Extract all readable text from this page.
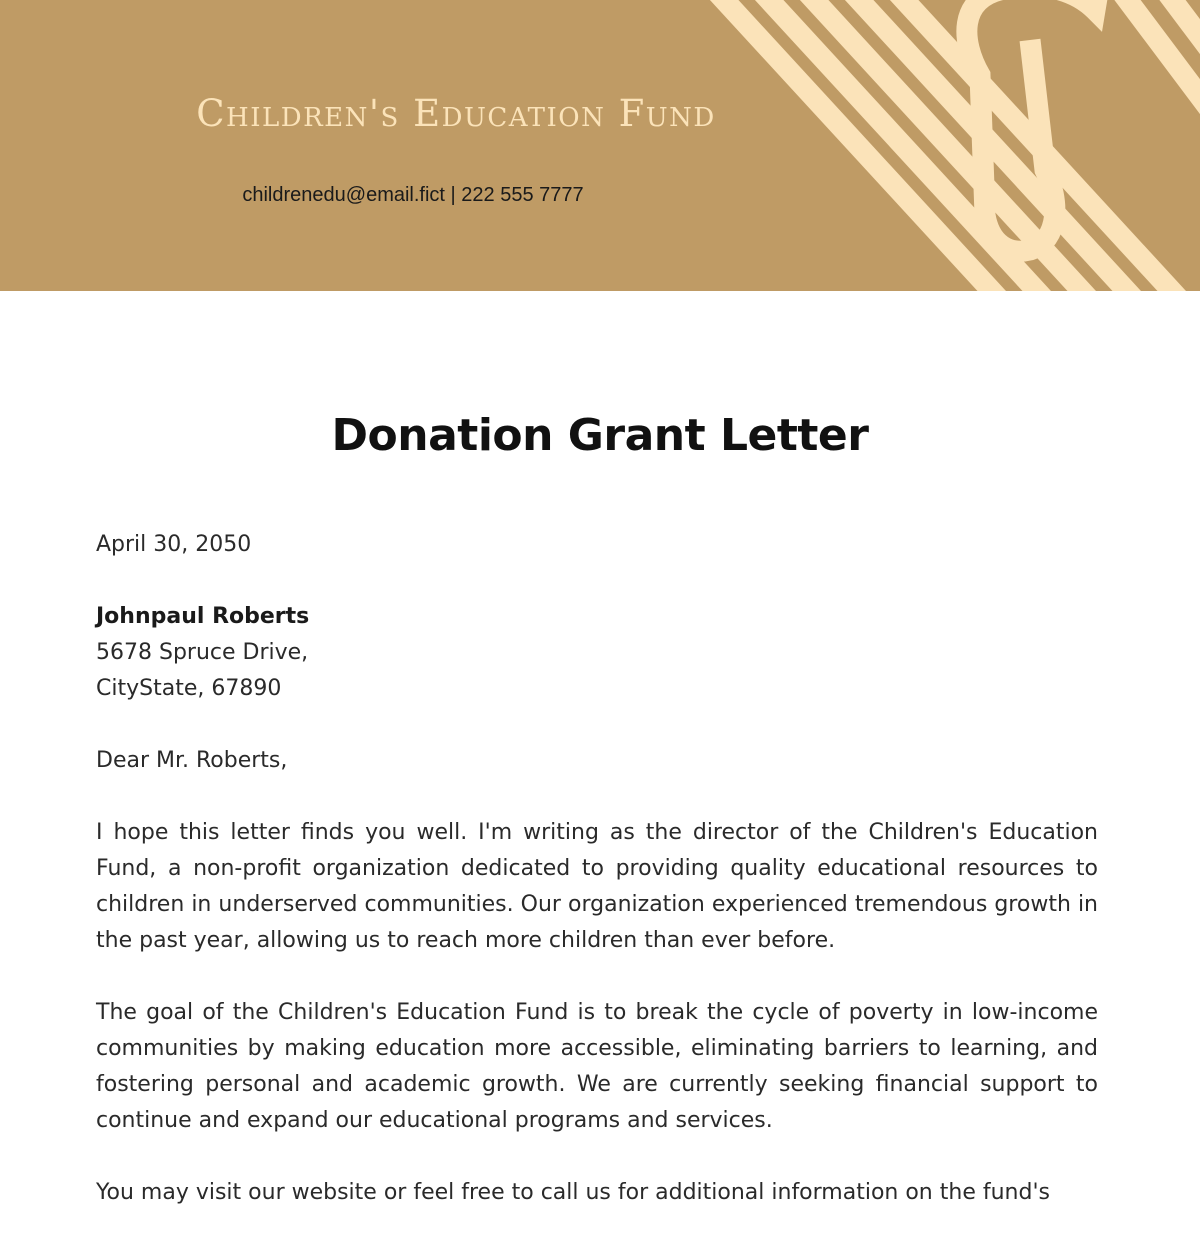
Children's Education Fund
childrenedu@email.fict | 222 555 7777
Donation Grant Letter

April 30, 2050

Johnpaul Roberts
5678 Spruce Drive,
CityState, 67890

Dear Mr. Roberts,

I hope this letter finds you well. I'm writing as the director of the Children's Education Fund, a non-profit organization dedicated to providing quality educational resources to children in underserved communities. Our organization experienced tremendous growth in the past year, allowing us to reach more children than ever before.

The goal of the Children's Education Fund is to break the cycle of poverty in low-income communities by making education more accessible, eliminating barriers to learning, and fostering personal and academic growth. We are currently seeking financial support to continue and expand our educational programs and services.

You may visit our website or feel free to call us for additional information on the fund's
